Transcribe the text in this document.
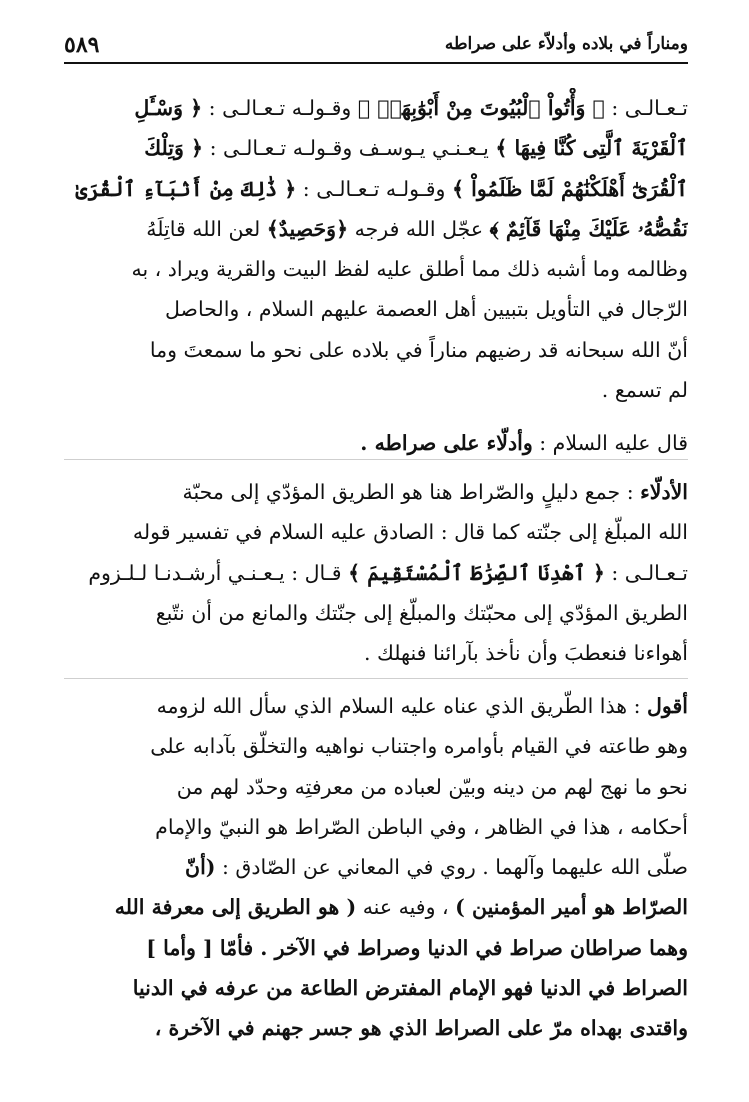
٥٨٩	ومناراً في بلاده وأدلاّء على صراطه
تـعـالـى : ﴿ وَأْتُواْ ٱلْبُيُوتَ مِنْ أَبْوَٰبِهَاۚ ﴾ وقـولـه تـعـالـى : ﴿ وَسْـَٔلِ
ٱلْقَرْيَةَ ٱلَّتِى كُنَّا فِيهَا ﴾ يـعـنـي يـوسـف وقـولـه تـعـالـى : ﴿ وَتِلْكَ
ٱلْقُرَىٰٓ أَهْلَكْنَٰهُمْ لَمَّا ظَلَمُواْ ﴾ وقـولـه تـعـالـى : ﴿ ذَٰلِكَ مِنْ أَنۢبَآءِ ٱلْقُرَىٰ
نَقُصُّهُۥ عَلَيْكَ مِنْهَا قَآئِمٌ ﴾ عجّل الله فرجه ﴿وَحَصِيدٌ﴾ لعن الله قاتِلَهُ
وظالمه وما أشبه ذلك مما أطلق عليه لفظ البيت والقرية ويراد ، به
الرّجال في التأويل بتبيين أهل العصمة عليهم السلام ، والحاصل
أنّ الله سبحانه قد رضيهم مناراً في بلاده على نحو ما سمعتَ وما
لم تسمع .
قال عليه السلام : وأدلّاء على صراطه .
الأدلّاء : جمع دليلٍ والصّراط هنا هو الطريق المؤدّي إلى محبّة
الله المبلّغ إلى جنّته كما قال : الصادق عليه السلام في تفسير قوله
تـعـالـى : ﴿ ٱهْدِنَا ٱلصِّرَٰطَ ٱلْمُسْتَقِيمَ ﴾ قـال : يـعـنـي أرشـدنـا لـلـزوم
الطريق المؤدّي إلى محبّتك والمبلّغ إلى جنّتك والمانع من أن نتّبع
أهواءنا فنعطبَ وأن نأخذ بآرائنا فنهلك .
أقول : هذا الطّريق الذي عناه عليه السلام الذي سأل الله لزومه
وهو طاعته في القيام بأوامره واجتناب نواهيه والتخلّق بآدابه على
نحو ما نهج لهم من دينه وبيّن لعباده من معرفتِه وحدّد لهم من
أحكامه ، هذا في الظاهر ، وفي الباطن الصّراط هو النبيّ والإمام
صلّى الله عليهما وآلهما . روي في المعاني عن الصّادق : (أنّ
الصرّاط هو أمير المؤمنين ) ، وفيه عنه ( هو الطريق إلى معرفة الله
وهما صراطان صراط في الدنيا وصراط في الآخر . فأمّا [ وأما ]
الصراط في الدنيا فهو الإمام المفترض الطاعة من عرفه في الدنيا
واقتدى بهداه مرّ على الصراط الذي هو جسر جهنم في الآخرة ،
